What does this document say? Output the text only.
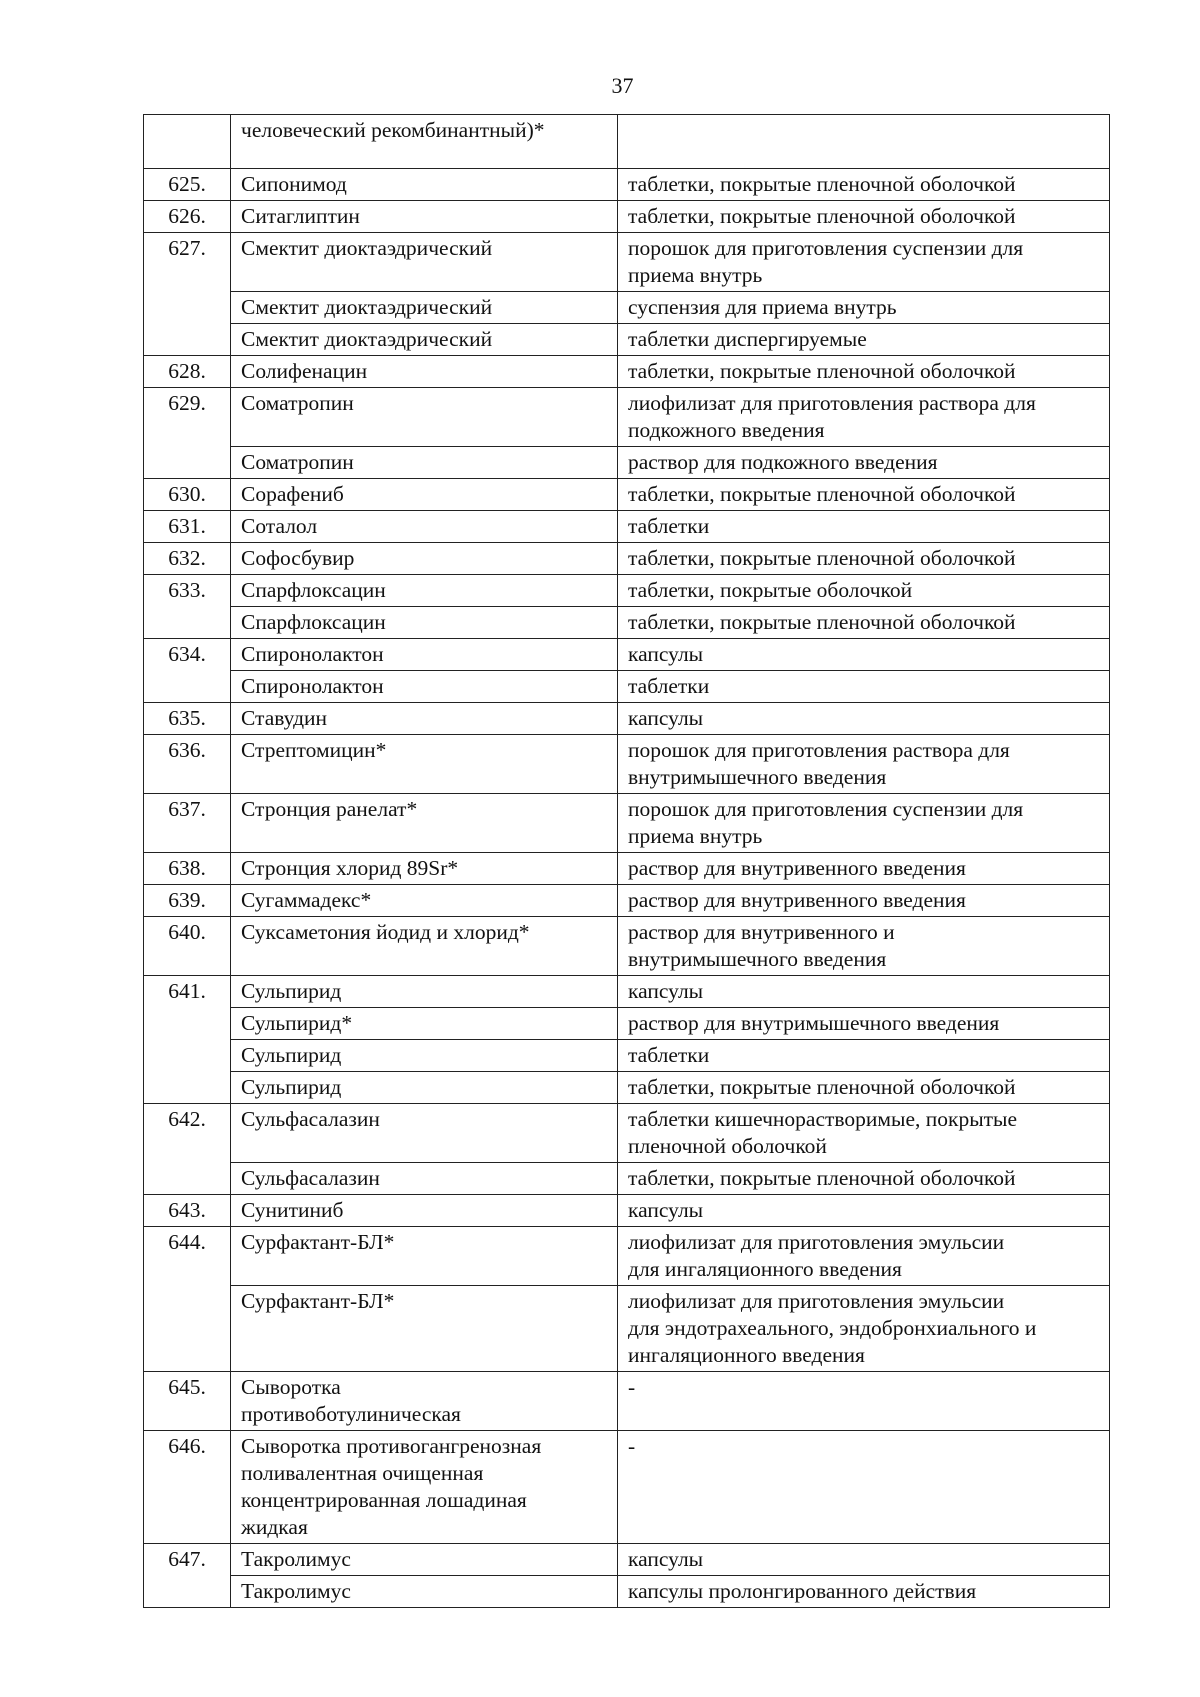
37
	человеческий рекомбинантный)*	
625.	Сипонимод	таблетки, покрытые пленочной оболочкой
626.	Ситаглиптин	таблетки, покрытые пленочной оболочкой
627.	Смектит диоктаэдрический	порошок для приготовления суспензии для
приема внутрь
	Смектит диоктаэдрический	суспензия для приема внутрь
	Смектит диоктаэдрический	таблетки диспергируемые
628.	Солифенацин	таблетки, покрытые пленочной оболочкой
629.	Соматропин	лиофилизат для приготовления раствора для
подкожного введения
	Соматропин	раствор для подкожного введения
630.	Сорафениб	таблетки, покрытые пленочной оболочкой
631.	Соталол	таблетки
632.	Софосбувир	таблетки, покрытые пленочной оболочкой
633.	Спарфлоксацин	таблетки, покрытые оболочкой
	Спарфлоксацин	таблетки, покрытые пленочной оболочкой
634.	Спиронолактон	капсулы
	Спиронолактон	таблетки
635.	Ставудин	капсулы
636.	Стрептомицин*	порошок для приготовления раствора для
внутримышечного введения
637.	Стронция ранелат*	порошок для приготовления суспензии для
приема внутрь
638.	Стронция хлорид 89Sr*	раствор для внутривенного введения
639.	Сугаммадекс*	раствор для внутривенного введения
640.	Суксаметония йодид и хлорид*	раствор для внутривенного и
внутримышечного введения
641.	Сульпирид	капсулы
	Сульпирид*	раствор для внутримышечного введения
	Сульпирид	таблетки
	Сульпирид	таблетки, покрытые пленочной оболочкой
642.	Сульфасалазин	таблетки кишечнорастворимые, покрытые
пленочной оболочкой
	Сульфасалазин	таблетки, покрытые пленочной оболочкой
643.	Сунитиниб	капсулы
644.	Сурфактант-БЛ*	лиофилизат для приготовления эмульсии
для ингаляционного введения
	Сурфактант-БЛ*	лиофилизат для приготовления эмульсии
для эндотрахеального, эндобронхиального и
ингаляционного введения
645.	Сыворотка
противоботулиническая	-
646.	Сыворотка противогангренозная
поливалентная очищенная
концентрированная лошадиная
жидкая	-
647.	Такролимус	капсулы
	Такролимус	капсулы пролонгированного действия
